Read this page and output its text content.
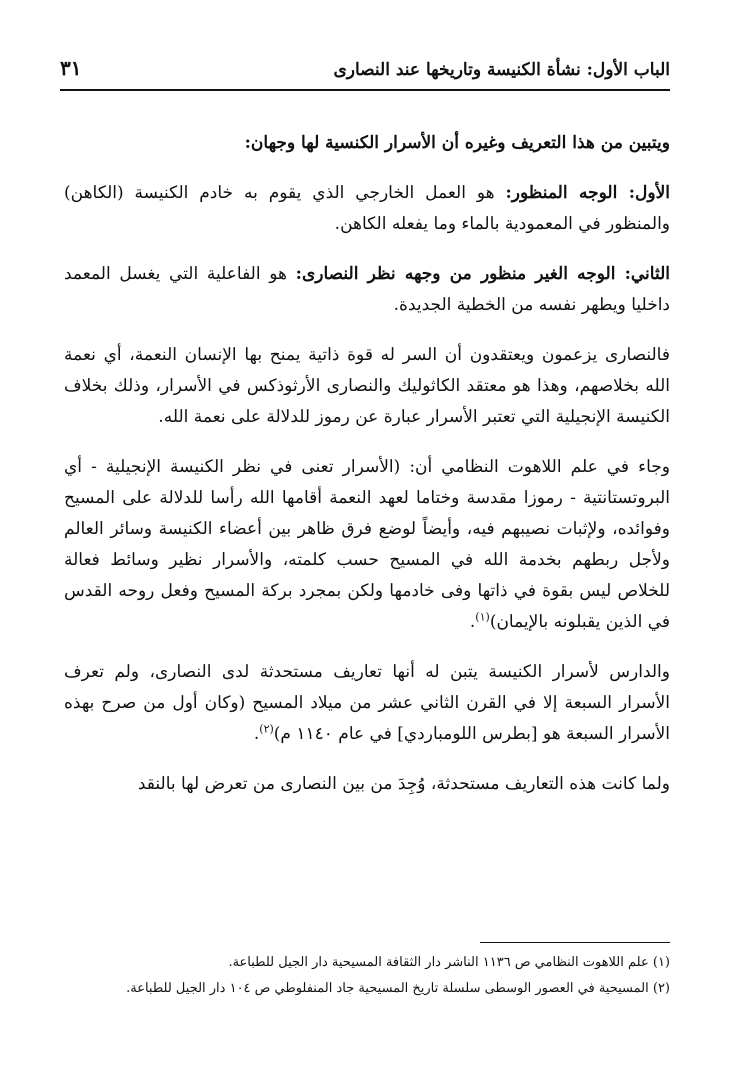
الباب الأول: نشأة الكنيسة وتاريخها عند النصارى
٣١

ويتبين من هذا التعريف وغيره أن الأسرار الكنسية لها وجهان:

الأول: الوجه المنظور: هو العمل الخارجي الذي يقوم به خادم الكنيسة (الكاهن) والمنظور في المعمودية بالماء وما يفعله الكاهن.

الثاني: الوجه الغير منظور من وجهه نظر النصارى: هو الفاعلية التي يغسل المعمد داخليا ويطهر نفسه من الخطية الجديدة.

فالنصارى يزعمون ويعتقدون أن السر له قوة ذاتية يمنح بها الإنسان النعمة، أي نعمة الله بخلاصهم، وهذا هو معتقد الكاثوليك والنصارى الأرثوذكس في الأسرار، وذلك بخلاف الكنيسة الإنجيلية التي تعتبر الأسرار عبارة عن رموز للدلالة على نعمة الله.

وجاء في علم اللاهوت النظامي أن: (الأسرار تعنى في نظر الكنيسة الإنجيلية - أي البروتستانتية - رموزا مقدسة وختاما لعهد النعمة أقامها الله رأسا للدلالة على المسيح وفوائده، ولإثبات نصيبهم فيه، وأيضاً لوضع فرق ظاهر بين أعضاء الكنيسة وسائر العالم ولأجل ربطهم بخدمة الله في المسيح حسب كلمته، والأسرار نظير وسائط فعالة للخلاص ليس بقوة في ذاتها وفى خادمها ولكن بمجرد بركة المسيح وفعل روحه القدس في الذين يقبلونه بالإيمان)$^{(١)}$.

والدارس لأسرار الكنيسة يتبن له أنها تعاريف مستحدثة لدى النصارى، ولم تعرف الأسرار السبعة إلا في القرن الثاني عشر من ميلاد المسيح (وكان أول من صرح بهذه الأسرار السبعة هو [بطرس اللومباردي] في عام ١١٤٠ م)$^{(٢)}$.

ولما كانت هذه التعاريف مستحدثة، وُجِدَ من بين النصارى من تعرض لها بالنقد

(١) علم اللاهوت النظامي ص ١١٣٦ الناشر دار الثقافة المسيحية دار الجيل للطباعة.
(٢) المسيحية في العصور الوسطى سلسلة تاريخ المسيحية جاد المنفلوطي ص ١٠٤ دار الجيل للطباعة.
